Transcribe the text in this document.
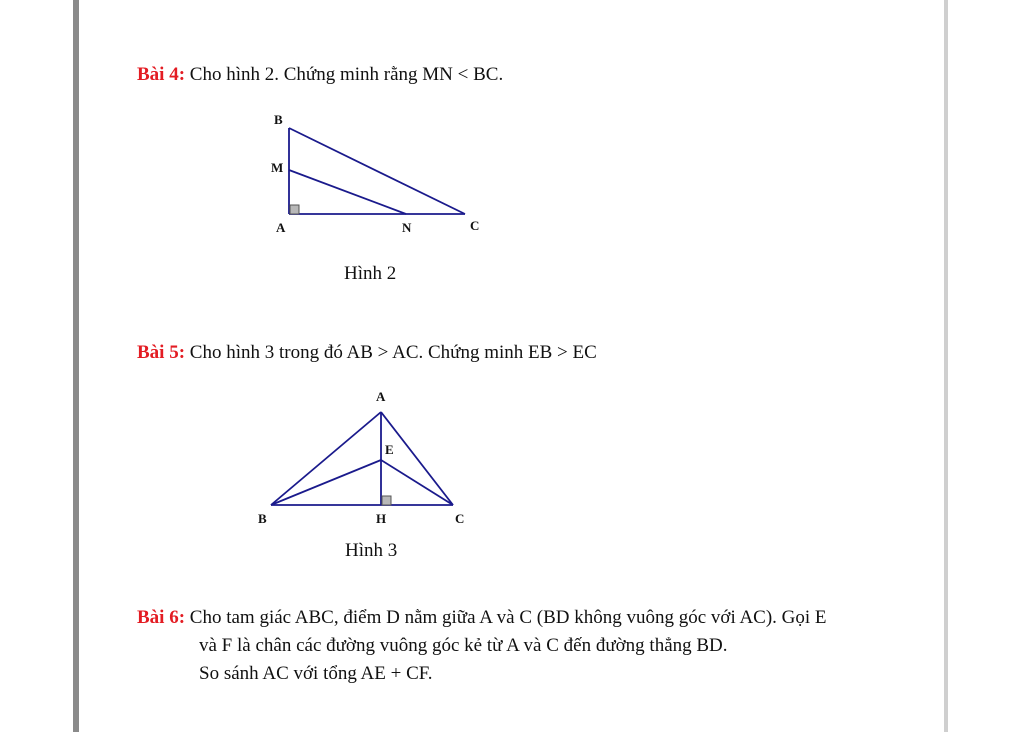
Bài 4: Cho hình 2. Chứng minh rằng MN < BC.
B
M
A	N	C
A
E
B	H	C
Hình 2
Bài 5: Cho hình 3 trong đó AB > AC. Chứng minh EB > EC
Hình 3
Bài 6: Cho tam giác ABC, điểm D nằm giữa A và C (BD không vuông góc với AC). Gọi E
và F là chân các đường vuông góc kẻ từ A và C đến đường thẳng BD.
So sánh AC với tổng AE + CF.
